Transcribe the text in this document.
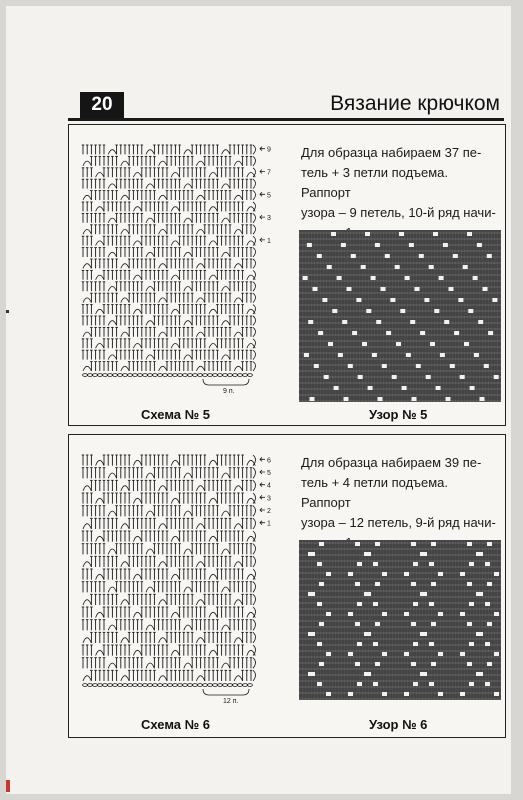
20	Вязание крючком
9
7
5
3
1
9 п.
Для образца набираем 37 пе-
тель + 3 петли подъема. Раппорт
узора – 9 петель, 10-й ряд начи-
Схема № 5	Узор № 5
6
5
4
3
2
1
12 п.
Для образца набираем 39 пе-
тель + 4 петли подъема. Раппорт
узора – 12 петель, 9-й ряд начи-
Схема № 6	Узор № 6
